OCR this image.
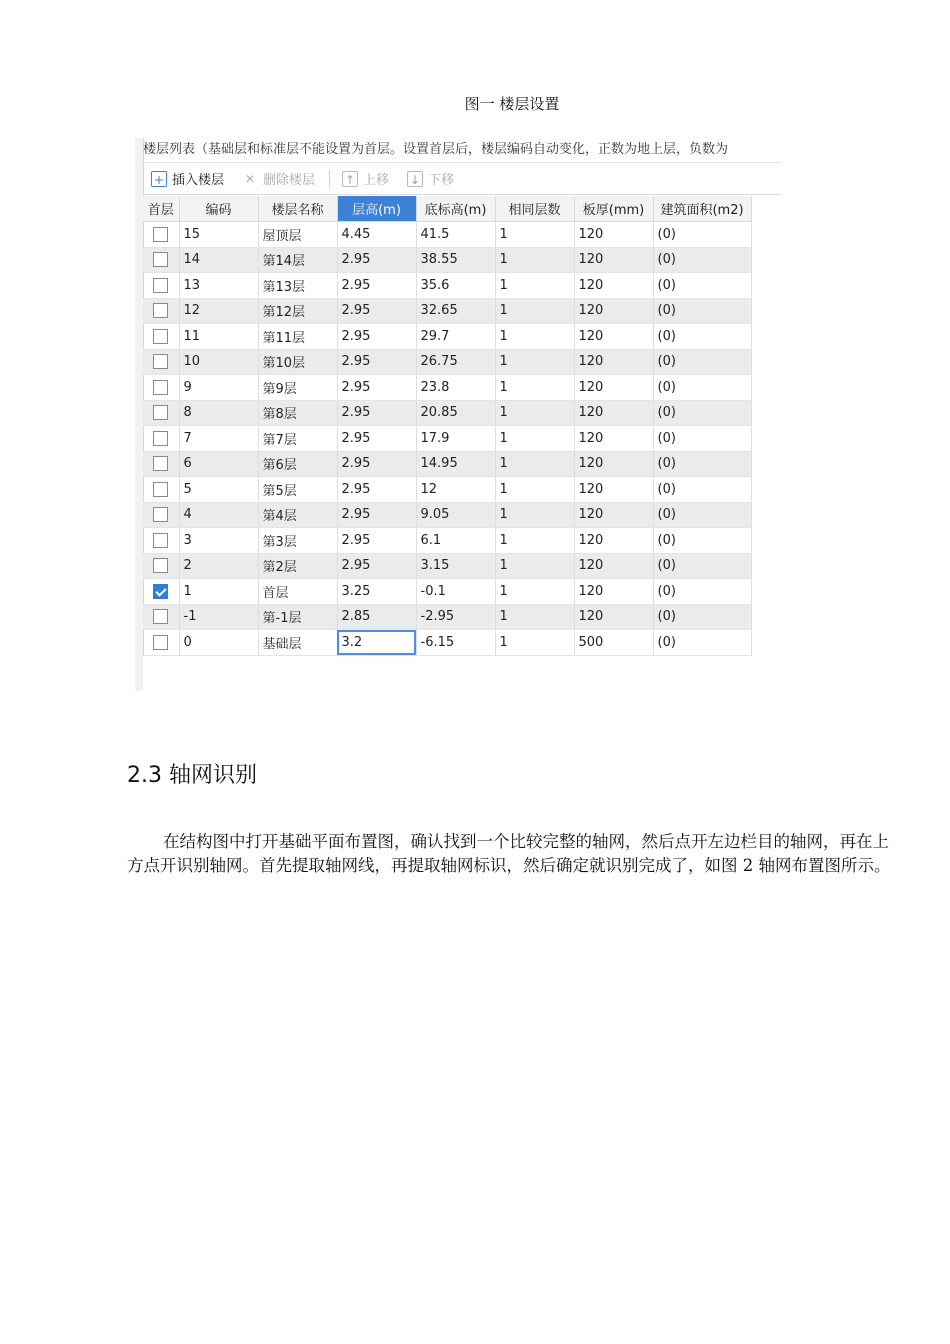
图一 楼层设置
楼层列表（基础层和标准层不能设置为首层。设置首层后，楼层编码自动变化，正数为地上层，负数为
+ 插入楼层 ✕ 删除楼层 ↑ 上移 ↓ 下移
首层	编码	楼层名称	层高(m)	底标高(m)	相同层数	板厚(mm)	建筑面积(m2)
	15	屋顶层	4.45	41.5	1	120	(0)
	14	第14层	2.95	38.55	1	120	(0)
	13	第13层	2.95	35.6	1	120	(0)
	12	第12层	2.95	32.65	1	120	(0)
	11	第11层	2.95	29.7	1	120	(0)
	10	第10层	2.95	26.75	1	120	(0)
	9	第9层	2.95	23.8	1	120	(0)
	8	第8层	2.95	20.85	1	120	(0)
	7	第7层	2.95	17.9	1	120	(0)
	6	第6层	2.95	14.95	1	120	(0)
	5	第5层	2.95	12	1	120	(0)
	4	第4层	2.95	9.05	1	120	(0)
	3	第3层	2.95	6.1	1	120	(0)
	2	第2层	2.95	3.15	1	120	(0)
	1	首层	3.25	-0.1	1	120	(0)
	-1	第-1层	2.85	-2.95	1	120	(0)
	0	基础层	3.2	-6.15	1	500	(0)
2.3 轴网识别
在结构图中打开基础平面布置图，确认找到一个比较完整的轴网，然后点开左边栏目的轴网，再在上方点开识别轴网。首先提取轴网线，再提取轴网标识，然后确定就识别完成了，如图 2 轴网布置图所示。
